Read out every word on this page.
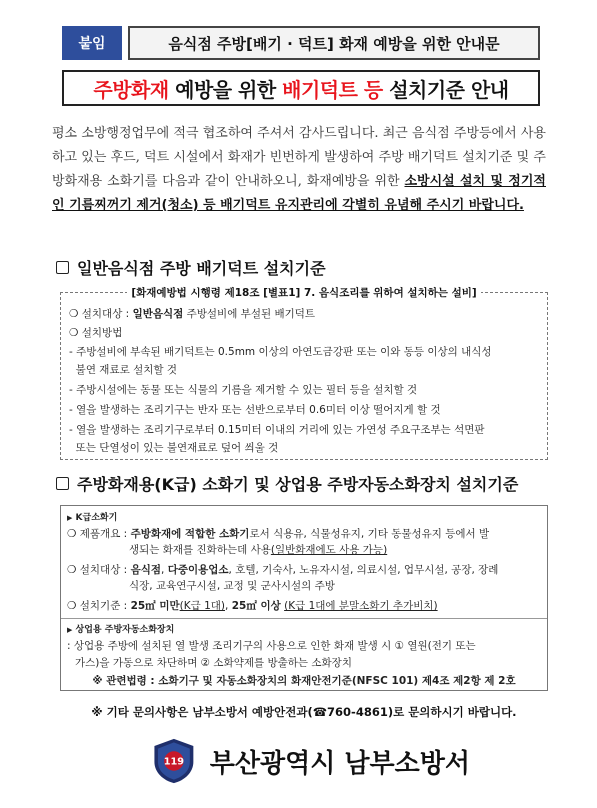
붙임	음식점 주방[배기 · 덕트] 화재 예방을 위한 안내문
주방화재 예방을 위한 배기덕트 등 설치기준 안내
평소 소방행정업무에 적극 협조하여 주셔서 감사드립니다. 최근 음식점 주방등에서 사용하고 있는 후드, 덕트 시설에서 화재가 빈번하게 발생하여 주방 배기덕트 설치기준 및 주방화재용 소화기를 다음과 같이 안내하오니, 화재예방을 위한 소방시설 설치 및 정기적인 기름찌꺼기 제거(청소) 등 배기덕트 유지관리에 각별히 유념해 주시기 바랍니다.
일반음식점 주방 배기덕트 설치기준
[화재예방법 시행령 제18조 [별표1] 7. 음식조리를 위하여 설치하는 설비]
❍ 설치대상 : 일반음식점 주방설비에 부설된 배기덕트
❍ 설치방법
- 주방설비에 부속된 배기덕트는 0.5mm 이상의 아연도금강판 또는 이와 동등 이상의 내식성
불연 재료로 설치할 것
- 주방시설에는 동물 또는 식물의 기름을 제거할 수 있는 필터 등을 설치할 것
- 열을 발생하는 조리기구는 반자 또는 선반으로부터 0.6미터 이상 떨어지게 할 것
- 열을 발생하는 조리기구로부터 0.15미터 이내의 거리에 있는 가연성 주요구조부는 석면판
또는 단열성이 있는 불연재료로 덮어 씌울 것
주방화재용(K급) 소화기 및 상업용 주방자동소화장치 설치기준
▶ K급소화기
❍ 제품개요 : 주방화재에 적합한 소화기로서 식용유, 식물성유지, 기타 동물성유지 등에서 발
생되는 화재를 진화하는데 사용(일반화재에도 사용 가능)
❍ 설치대상 : 음식점, 다중이용업소, 호텔, 기숙사, 노유자시설, 의료시설, 업무시설, 공장, 장례
식장, 교육연구시설, 교정 및 군사시설의 주방
❍ 설치기준 : 25㎡ 미만(K급 1대), 25㎡ 이상 (K급 1대에 분말소화기 추가비치)
▶ 상업용 주방자동소화장치
: 상업용 주방에 설치된 열 발생 조리기구의 사용으로 인한 화재 발생 시 ① 열원(전기 또는
가스)을 가동으로 차단하며 ② 소화약제를 방출하는 소화장치
※ 관련법령 : 소화기구 및 자동소화장치의 화재안전기준(NFSC 101) 제4조 제2항 제 2호
※ 기타 문의사항은 남부소방서 예방안전과(☎760-4861)로 문의하시기 바랍니다.
119 부산광역시 남부소방서
